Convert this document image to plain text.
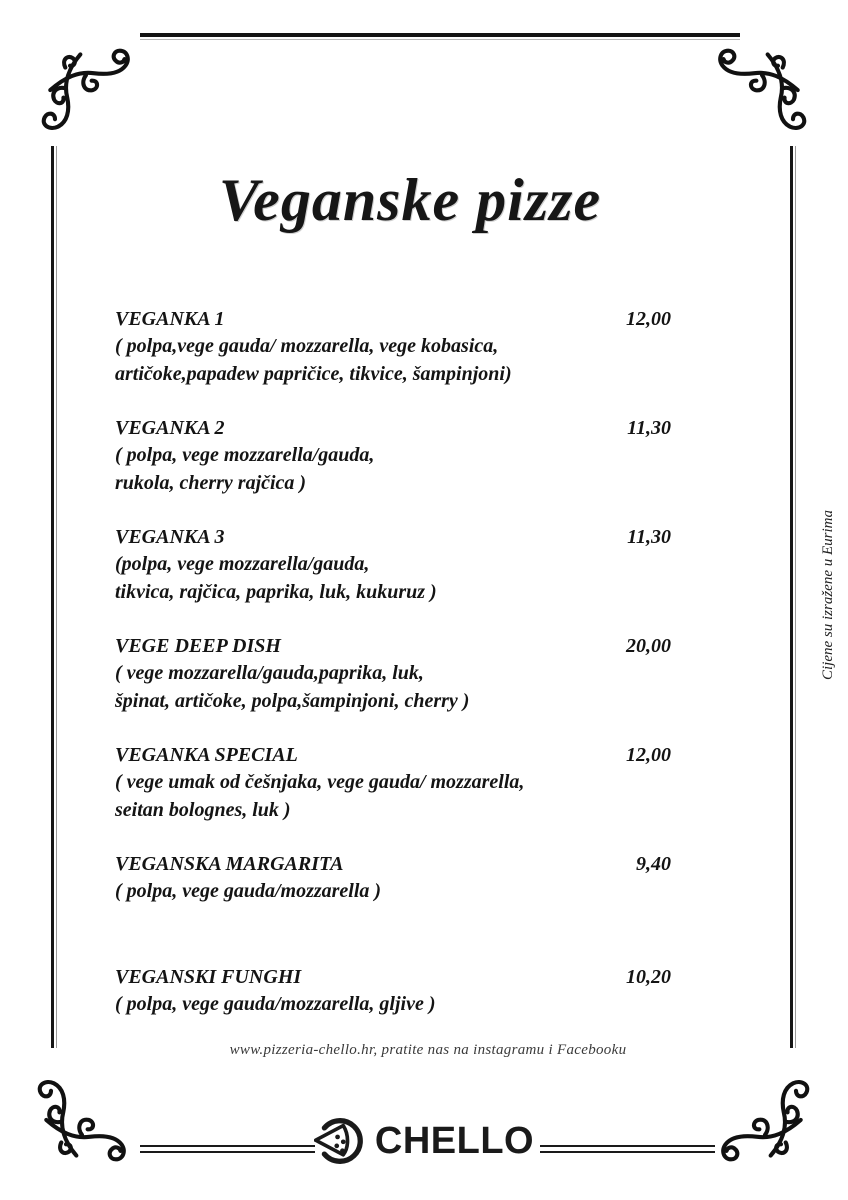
Veganske pizze
VEGANKA 1	12,00
( polpa,vege gauda/ mozzarella, vege kobasica,
artičoke,papadew papričice, tikvice, šampinjoni)
VEGANKA 2	11,30
( polpa, vege mozzarella/gauda,
rukola, cherry rajčica )
VEGANKA 3	11,30
(polpa, vege mozzarella/gauda,
tikvica, rajčica, paprika, luk, kukuruz )
VEGE DEEP DISH	20,00
( vege mozzarella/gauda,paprika, luk,
špinat, artičoke, polpa,šampinjoni, cherry )
VEGANKA SPECIAL	12,00
( vege umak od češnjaka, vege gauda/ mozzarella,
seitan bolognes, luk )
VEGANSKA MARGARITA	9,40
( polpa, vege gauda/mozzarella )
VEGANSKI FUNGHI	10,20
( polpa, vege gauda/mozzarella, gljive )
Cijene su izražene u Eurima
www.pizzeria-chello.hr, pratite nas na instagramu i Facebooku
CHELLO
